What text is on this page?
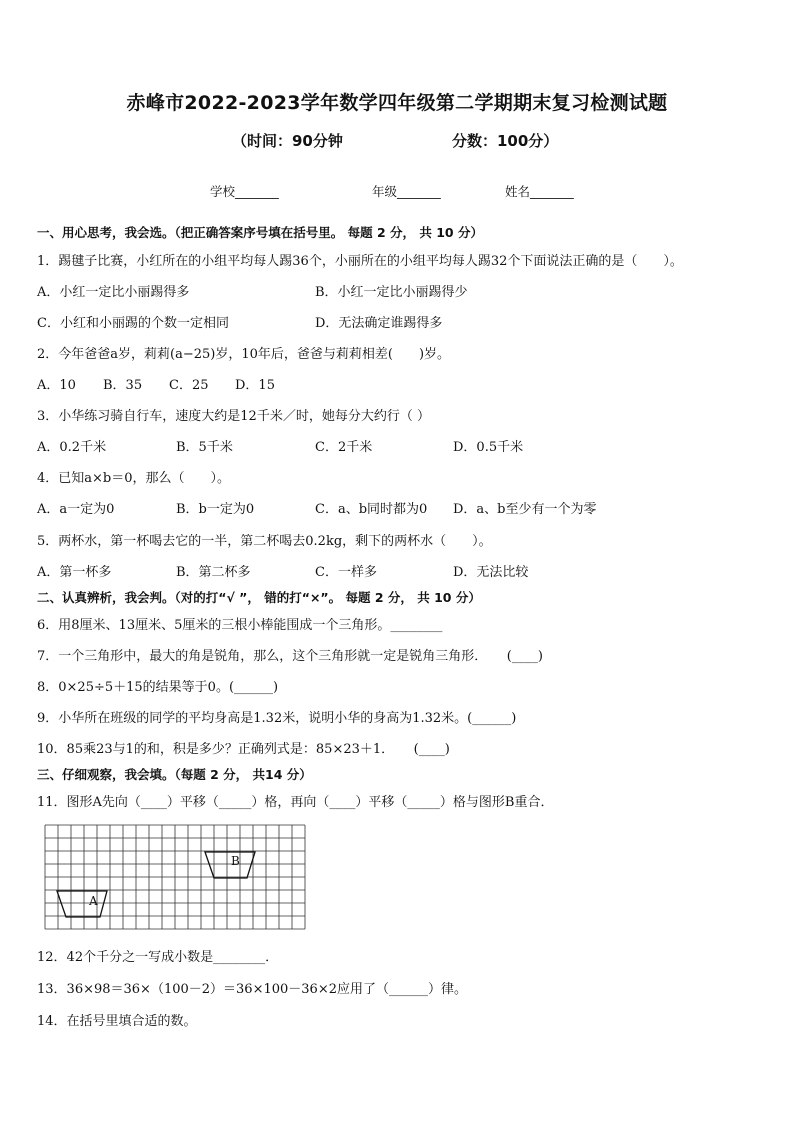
赤峰市2022-2023学年数学四年级第二学期期末复习检测试题
（时间：90分钟	分数：100分）
学校_______	年级_______	姓名_______
一、用心思考，我会选。（把正确答案序号填在括号里。 每题 2 分， 共 10 分）
1．踢毽子比赛，小红所在的小组平均每人踢36个，小丽所在的小组平均每人踢32个下面说法正确的是（　　）。
A．小红一定比小丽踢得多	B．小红一定比小丽踢得少
C．小红和小丽踢的个数一定相同	D．无法确定谁踢得多
2．今年爸爸a岁，莉莉(a−25)岁，10年后，爸爸与莉莉相差(　　)岁。
A．10 B．35 C．25 D．15
3．小华练习骑自行车，速度大约是12千米／时，她每分大约行（ ）
A．0.2千米	B．5千米	C．2千米	D．0.5千米
4．已知a×b＝0，那么（　　）。
A．a一定为0	B．b一定为0	C．a、b同时都为0 D．a、b至少有一个为零
5．两杯水，第一杯喝去它的一半，第二杯喝去0.2kg，剩下的两杯水（　　）。
A．第一杯多	B．第二杯多	C．一样多	D．无法比较
二、认真辨析，我会判。（对的打“√ ”， 错的打“×”。 每题 2 分， 共 10 分）
6．用8厘米、13厘米、5厘米的三根小棒能围成一个三角形。________
7．一个三角形中，最大的角是锐角，那么，这个三角形就一定是锐角三角形．　　(____)
8．0×25÷5＋15的结果等于0。(______)
9．小华所在班级的同学的平均身高是1.32米，说明小华的身高为1.32米。(______)
10．85乘23与1的和，积是多少？正确列式是：85×23＋1．　　(____)
三、仔细观察，我会填。（每题 2 分， 共14 分）
11．图形A先向（____）平移（_____）格，再向（____）平移（_____）格与图形B重合．
A
B
12．42个千分之一写成小数是________．
13．36×98＝36×（100－2）＝36×100－36×2应用了（______）律。
14．在括号里填合适的数。
